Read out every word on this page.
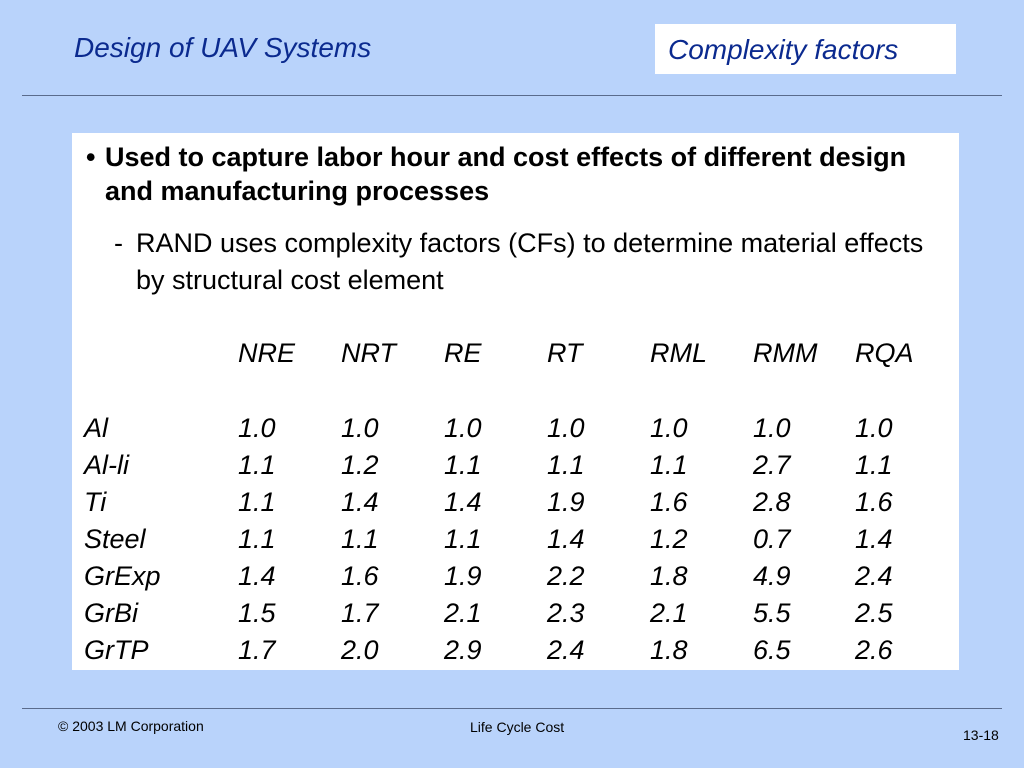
Design of UAV Systems	Complexity factors
• Used to capture labor hour and cost effects of different design and manufacturing processes
- RAND uses complexity factors (CFs) to determine material effects by structural cost element
	NRE	NRT	RE	RT	RML	RMM	RQA

Al	1.0	1.0	1.0	1.0	1.0	1.0	1.0
Al-li	1.1	1.2	1.1	1.1	1.1	2.7	1.1
Ti	1.1	1.4	1.4	1.9	1.6	2.8	1.6
Steel	1.1	1.1	1.1	1.4	1.2	0.7	1.4
GrExp	1.4	1.6	1.9	2.2	1.8	4.9	2.4
GrBi	1.5	1.7	2.1	2.3	2.1	5.5	2.5
GrTP	1.7	2.0	2.9	2.4	1.8	6.5	2.6
© 2003 LM Corporation	Life Cycle Cost	13-18
